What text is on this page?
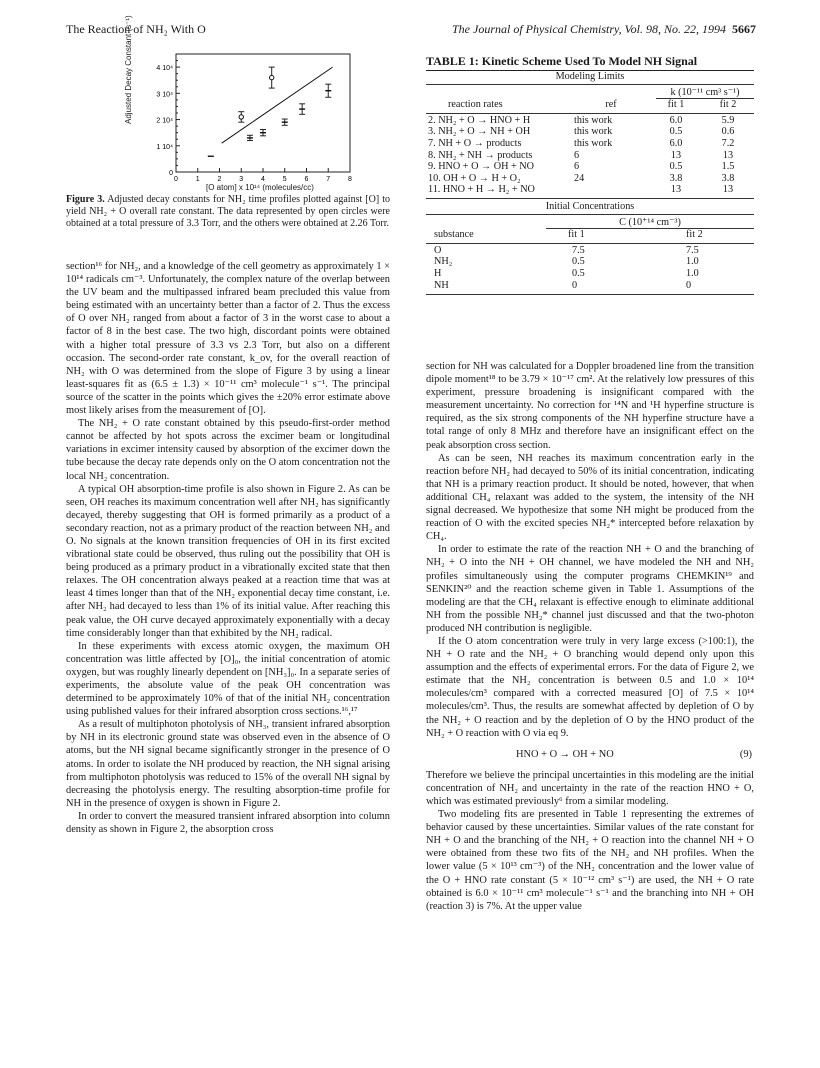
The Reaction of NH₂ With O	The Journal of Physical Chemistry, Vol. 98, No. 22, 1994 5667
4 10⁴
3 10⁴
2 10⁴
1 10⁴
0
0	1	2	3	4	5	6	7	8
Adjusted Decay Constant (s⁻¹)
[O atom] x 10¹⁴ (molecules/cc)
Figure 3. Adjusted decay constants for NH₂ time profiles plotted against [O] to yield NH₂ + O overall rate constant. The data represented by open circles were obtained at a total pressure of 3.3 Torr, and the others were obtained at 2.26 Torr.

section¹⁶ for NH₂, and a knowledge of the cell geometry as approximately 1 × 10¹⁴ radicals cm⁻³. Unfortunately, the complex nature of the overlap between the UV beam and the multipassed infrared beam precluded this value from being estimated with an uncertainty better than a factor of 2. Thus the excess of O over NH₂ ranged from about a factor of 3 in the worst case to about a factor of 8 in the best case. The two high, discordant points were obtained with a higher total pressure of 3.3 vs 2.3 Torr, but also on a different occasion. The second-order rate constant, k_ov, for the overall reaction of NH₂ with O was determined from the slope of Figure 3 by using a linear least-squares fit as (6.5 ± 1.3) × 10⁻¹¹ cm³ molecule⁻¹ s⁻¹. The principal source of the scatter in the points which gives the ±20% error estimate above most likely arises from the measurement of [O].

The NH₂ + O rate constant obtained by this pseudo-first-order method cannot be affected by hot spots across the excimer beam or longitudinal variations in excimer intensity caused by absorption of the excimer down the tube because the decay rate depends only on the O atom concentration not the local NH₂ concentration.

A typical OH absorption-time profile is also shown in Figure 2. As can be seen, OH reaches its maximum concentration well after NH₂ has significantly decayed, thereby suggesting that OH is formed primarily as a product of a secondary reaction, not as a primary product of the reaction between NH₂ and O. No signals at the known transition frequencies of OH in its first excited vibrational state could be observed, thus ruling out the possibility that OH is being produced as a primary product in a vibrationally excited state that then relaxes. The OH concentration always peaked at a reaction time that was at least 4 times longer than that of the NH₂ exponential decay time constant, i.e. after NH₂ had decayed to less than 1% of its initial value. After reaching this peak value, the OH curve decayed approximately exponentially with a decay time considerably longer than that exhibited by the NH₂ radical.

In these experiments with excess atomic oxygen, the maximum OH concentration was little affected by [O]₀, the initial concentration of atomic oxygen, but was roughly linearly dependent on [NH₃]₀. In a separate series of experiments, the absolute value of the peak OH concentration was determined to be approximately 10% of that of the initial NH₂ concentration using published values for their infrared absorption cross sections.¹⁶,¹⁷

As a result of multiphoton photolysis of NH₃, transient infrared absorption by NH in its electronic ground state was observed even in the absence of O atoms, but the NH signal became significantly stronger in the presence of O atoms. In order to isolate the NH produced by reaction, the NH signal arising from multiphoton photolysis was reduced to 15% of the overall NH signal by decreasing the photolysis energy. The resulting absorption-time profile for NH in the presence of oxygen is shown in Figure 2.

In order to convert the measured transient infrared absorption into column density as shown in Figure 2, the absorption cross

TABLE 1: Kinetic Scheme Used To Model NH Signal
Modeling Limits
k (10⁻¹¹ cm³ s⁻¹)
reaction rates	ref	fit 1	fit 2
2. NH₂ + O → HNO + H	this work	6.0	5.9
3. NH₂ + O → NH + OH	this work	0.5	0.6
7. NH + O → products	this work	6.0	7.2
8. NH₂ + NH → products	6	13	13
9. HNO + O → OH + NO	6	0.5	1.5
10. OH + O → H + O₂	24	3.8	3.8
11. HNO + H → H₂ + NO		13	13
Initial Concentrations
C (10⁺¹⁴ cm⁻³)
substance	fit 1	fit 2
O	7.5	7.5
NH₂	0.5	1.0
H	0.5	1.0
NH	0	0

section for NH was calculated for a Doppler broadened line from the transition dipole moment¹⁸ to be 3.79 × 10⁻¹⁷ cm². At the relatively low pressures of this experiment, pressure broadening is insignificant compared with the measurement uncertainty. No correction for ¹⁴N and ¹H hyperfine structure is required, as the six strong components of the NH hyperfine structure have a total range of only 8 MHz and therefore have an insignificant effect on the peak absorption cross section.

As can be seen, NH reaches its maximum concentration early in the reaction before NH₂ had decayed to 50% of its initial concentration, indicating that NH is a primary reaction product. It should be noted, however, that when additional CH₄ relaxant was added to the system, the intensity of the NH signal decreased. We hypothesize that some NH might be produced from the reaction of O with the excited species NH₂* intercepted before relaxation by CH₄.

In order to estimate the rate of the reaction NH + O and the branching of NH₂ + O into the NH + OH channel, we have modeled the NH and NH₂ profiles simultaneously using the computer programs CHEMKIN¹⁹ and SENKIN²⁰ and the reaction scheme given in Table 1. Assumptions of the modeling are that the CH₄ relaxant is effective enough to eliminate additional NH from the possible NH₂* channel just discussed and that the two-photon produced NH contribution is negligible.

If the O atom concentration were truly in very large excess (>100:1), the NH + O rate and the NH₂ + O branching would depend only upon this assumption and the effects of experimental errors. For the data of Figure 2, we estimate that the NH₂ concentration is between 0.5 and 1.0 × 10¹⁴ molecules/cm³ compared with a corrected measured [O] of 7.5 × 10¹⁴ molecules/cm³. Thus, the results are somewhat affected by depletion of O by the NH₂ + O reaction and by the depletion of O by the HNO product of the NH₂ + O reaction with O via eq 9.

HNO + O → OH + NO	(9)

Therefore we believe the principal uncertainties in this modeling are the initial concentration of NH₂ and uncertainty in the rate of the reaction HNO + O, which was estimated previously⁶ from a similar modeling.

Two modeling fits are presented in Table 1 representing the extremes of behavior caused by these uncertainties. Similar values of the rate constant for NH + O and the branching of the NH₂ + O reaction into the channel NH + O were obtained from these two fits of the NH₂ and NH profiles. When the lower value (5 × 10¹³ cm⁻³) of the NH₂ concentration and the lower value of the O + HNO rate constant (5 × 10⁻¹² cm³ s⁻¹) are used, the NH + O rate obtained is 6.0 × 10⁻¹¹ cm³ molecule⁻¹ s⁻¹ and the branching into NH + OH (reaction 3) is 7%. At the upper value
